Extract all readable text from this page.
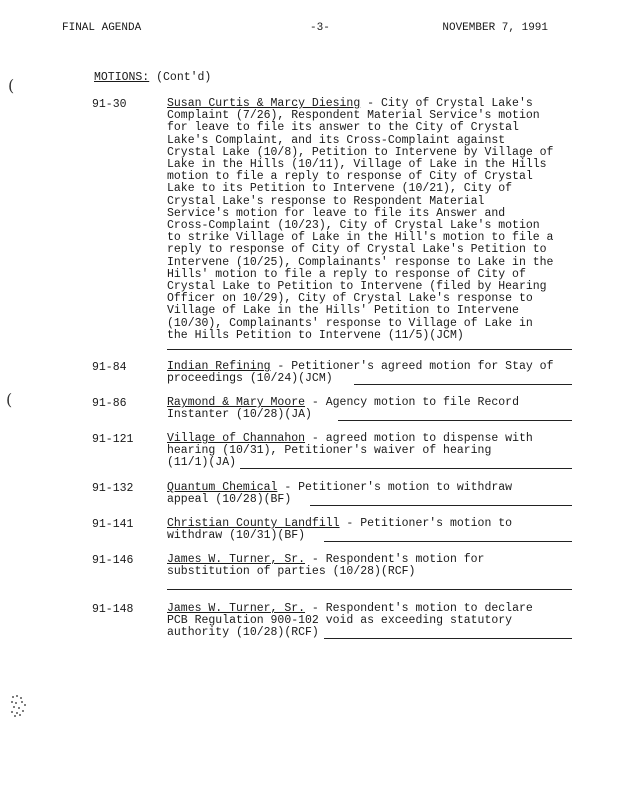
FINAL AGENDA	-3-	NOVEMBER 7, 1991
(
(
MOTIONS: (Cont'd)
91-30	Susan Curtis & Marcy Diesing - City of Crystal Lake's
Complaint (7/26), Respondent Material Service's motion
for leave to file its answer to the City of Crystal
Lake's Complaint, and its Cross-Complaint against
Crystal Lake (10/8), Petition to Intervene by Village of
Lake in the Hills (10/11), Village of Lake in the Hills
motion to file a reply to response of City of Crystal
Lake to its Petition to Intervene (10/21), City of
Crystal Lake's response to Respondent Material
Service's motion for leave to file its Answer and
Cross-Complaint (10/23), City of Crystal Lake's motion
to strike Village of Lake in the Hill's motion to file a
reply to response of City of Crystal Lake's Petition to
Intervene (10/25), Complainants' response to Lake in the
Hills' motion to file a reply to response of City of
Crystal Lake to Petition to Intervene (filed by Hearing
Officer on 10/29), City of Crystal Lake's response to
Village of Lake in the Hills' Petition to Intervene
(10/30), Complainants' response to Village of Lake in
the Hills Petition to Intervene (11/5)(JCM)
91-84	Indian Refining - Petitioner's agreed motion for Stay of
proceedings (10/24)(JCM)
91-86	Raymond & Mary Moore - Agency motion to file Record
Instanter (10/28)(JA)
91-121	Village of Channahon - agreed motion to dispense with
hearing (10/31), Petitioner's waiver of hearing
(11/1)(JA)
91-132	Quantum Chemical - Petitioner's motion to withdraw
appeal (10/28)(BF)
91-141	Christian County Landfill - Petitioner's motion to
withdraw (10/31)(BF)
91-146	James W. Turner, Sr. - Respondent's motion for
substitution of parties (10/28)(RCF)
91-148	James W. Turner, Sr. - Respondent's motion to declare
PCB Regulation 900-102 void as exceeding statutory
authority (10/28)(RCF)
